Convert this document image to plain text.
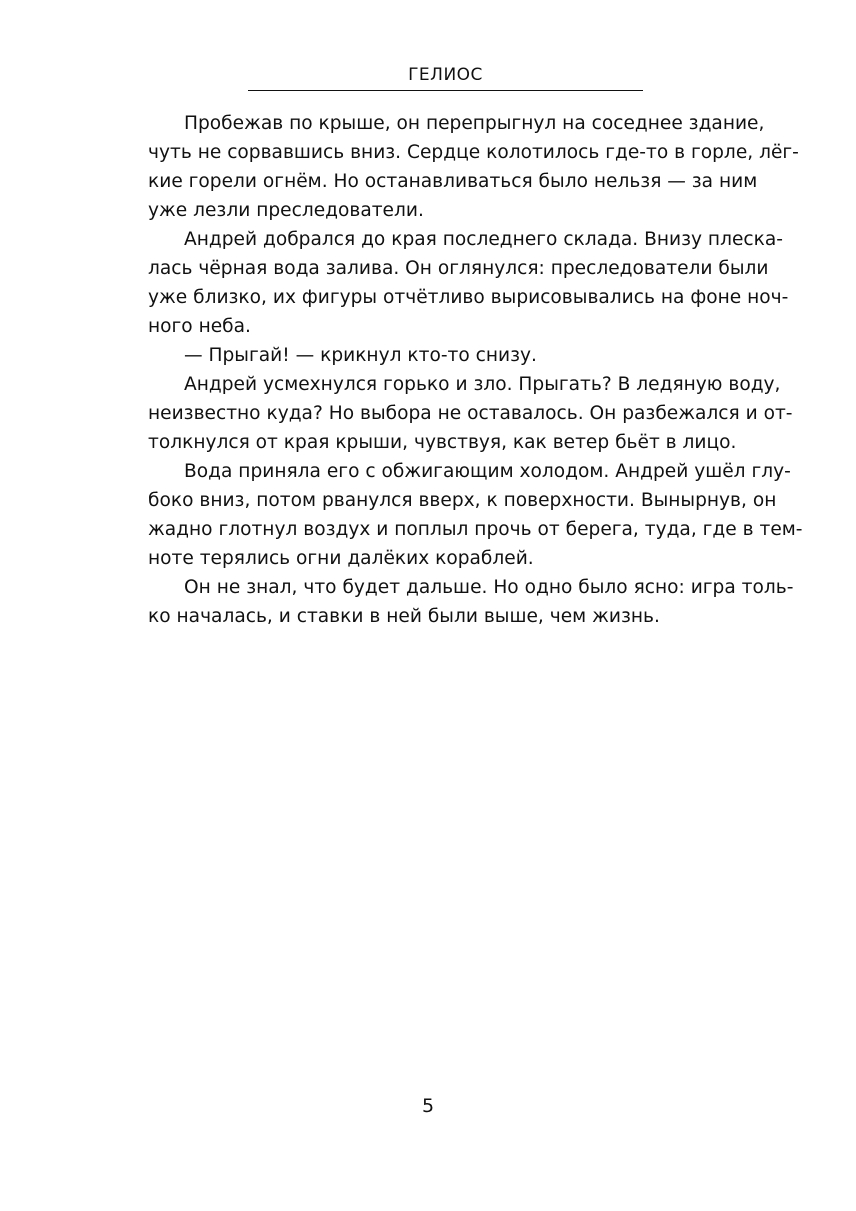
ГЕЛИОС
Пробежав по крыше, он перепрыгнул на соседнее здание,
чуть не сорвавшись вниз. Сердце колотилось где-то в горле, лёг-
кие горели огнём. Но останавливаться было нельзя — за ним
уже лезли преследователи.
Андрей добрался до края последнего склада. Внизу плеска-
лась чёрная вода залива. Он оглянулся: преследователи были
уже близко, их фигуры отчётливо вырисовывались на фоне ноч-
ного неба.
— Прыгай! — крикнул кто-то снизу.
Андрей усмехнулся горько и зло. Прыгать? В ледяную воду,
неизвестно куда? Но выбора не оставалось. Он разбежался и от-
толкнулся от края крыши, чувствуя, как ветер бьёт в лицо.
Вода приняла его с обжигающим холодом. Андрей ушёл глу-
боко вниз, потом рванулся вверх, к поверхности. Вынырнув, он
жадно глотнул воздух и поплыл прочь от берега, туда, где в тем-
ноте терялись огни далёких кораблей.
Он не знал, что будет дальше. Но одно было ясно: игра толь-
ко началась, и ставки в ней были выше, чем жизнь.
5
